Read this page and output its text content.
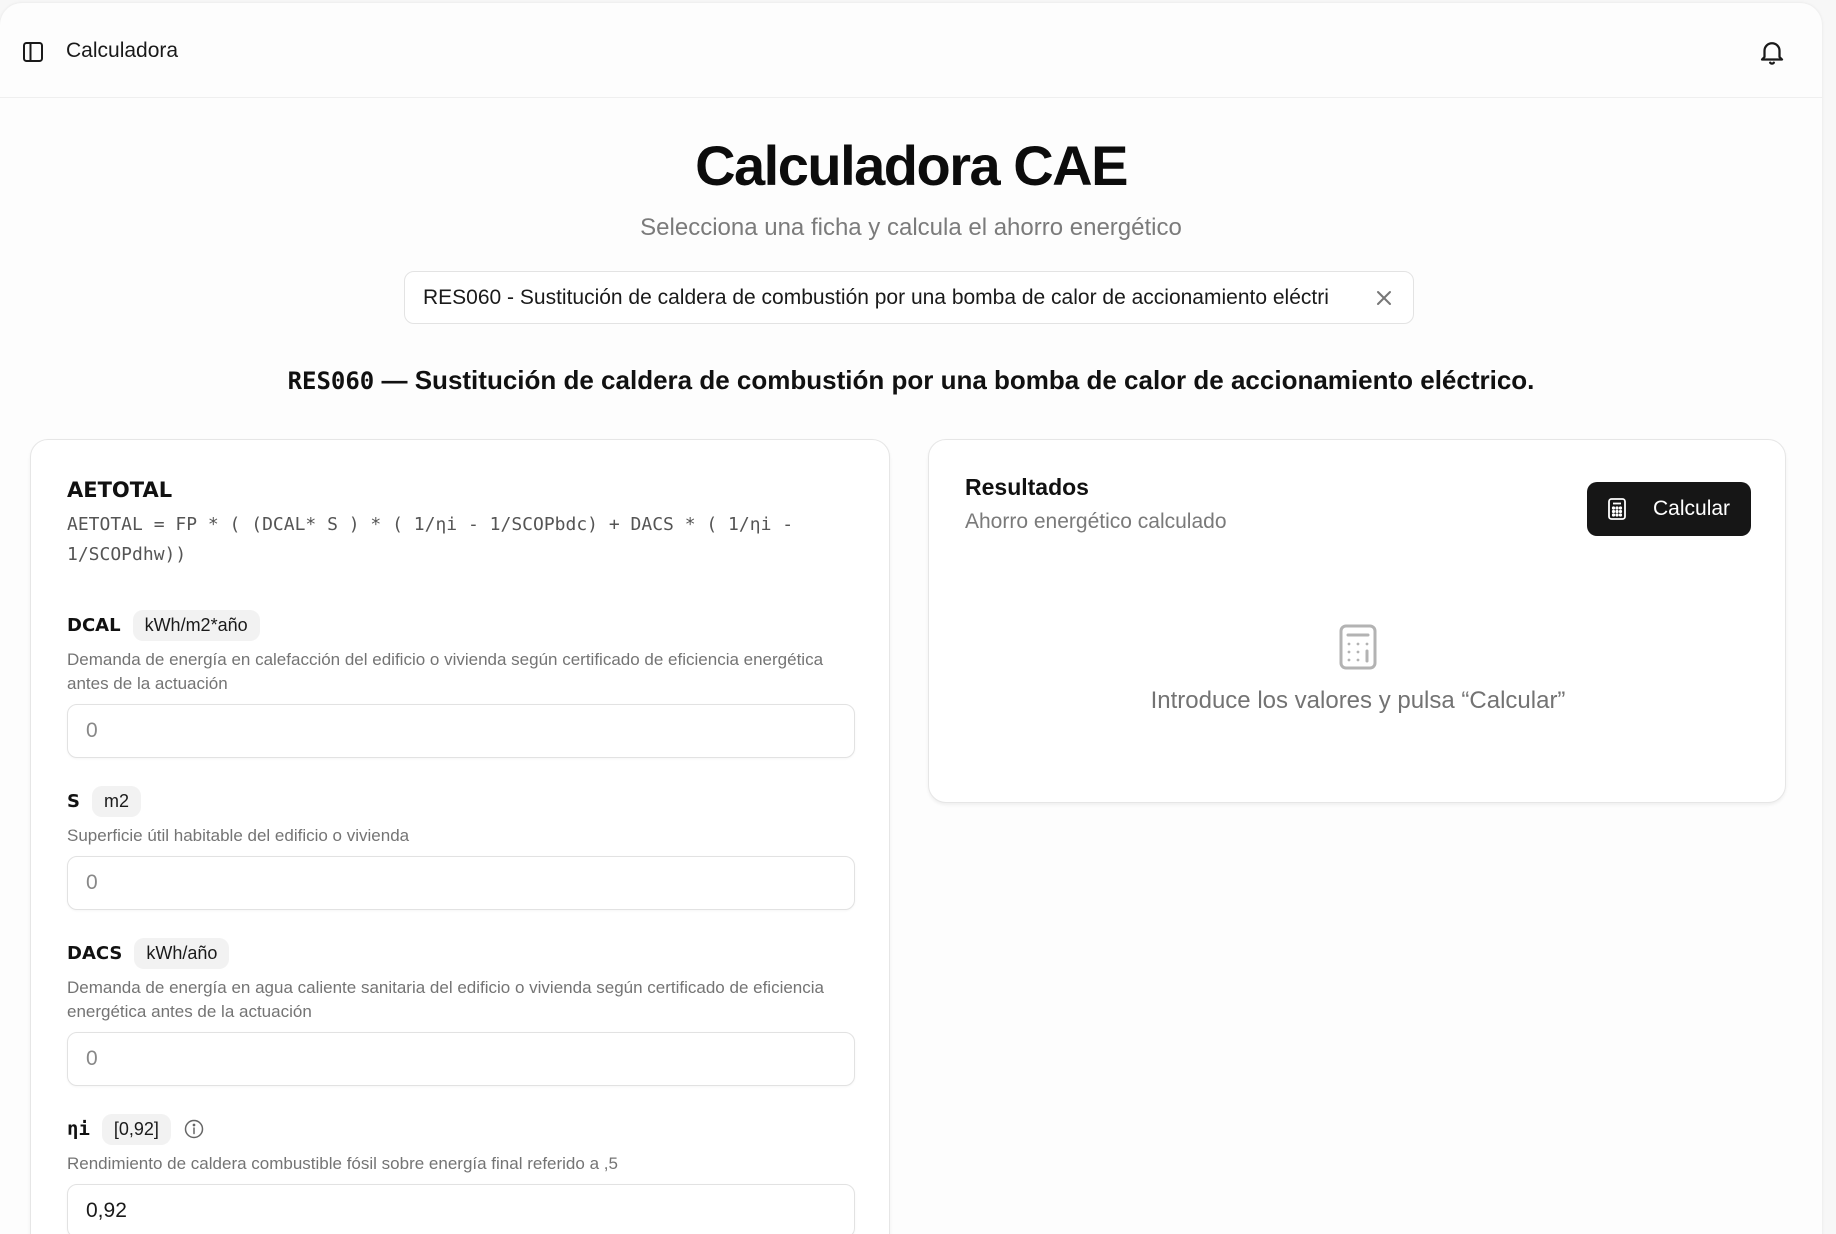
Calculadora
Calculadora CAE
Selecciona una ficha y calcula el ahorro energético
RES060 - Sustitución de caldera de combustión por una bomba de calor de accionamiento eléctri
RES060 — Sustitución de caldera de combustión por una bomba de calor de accionamiento eléctrico.
AETOTAL
AETOTAL = FP * ( (DCAL* S ) * ( 1/ηi - 1/SCOPbdc) + DACS * ( 1/ηi - 1/SCOPdhw))
DCAL	kWh/m2*año
Demanda de energía en calefacción del edificio o vivienda según certificado de eficiencia energética antes de la actuación
0
S	m2
Superficie útil habitable del edificio o vivienda
0
DACS	kWh/año
Demanda de energía en agua caliente sanitaria del edificio o vivienda según certificado de eficiencia energética antes de la actuación
0
ηi	[0,92]
Rendimiento de caldera combustible fósil sobre energía final referido a ,5
0,92
Resultados
Ahorro energético calculado
Calcular
Introduce los valores y pulsa “Calcular”
